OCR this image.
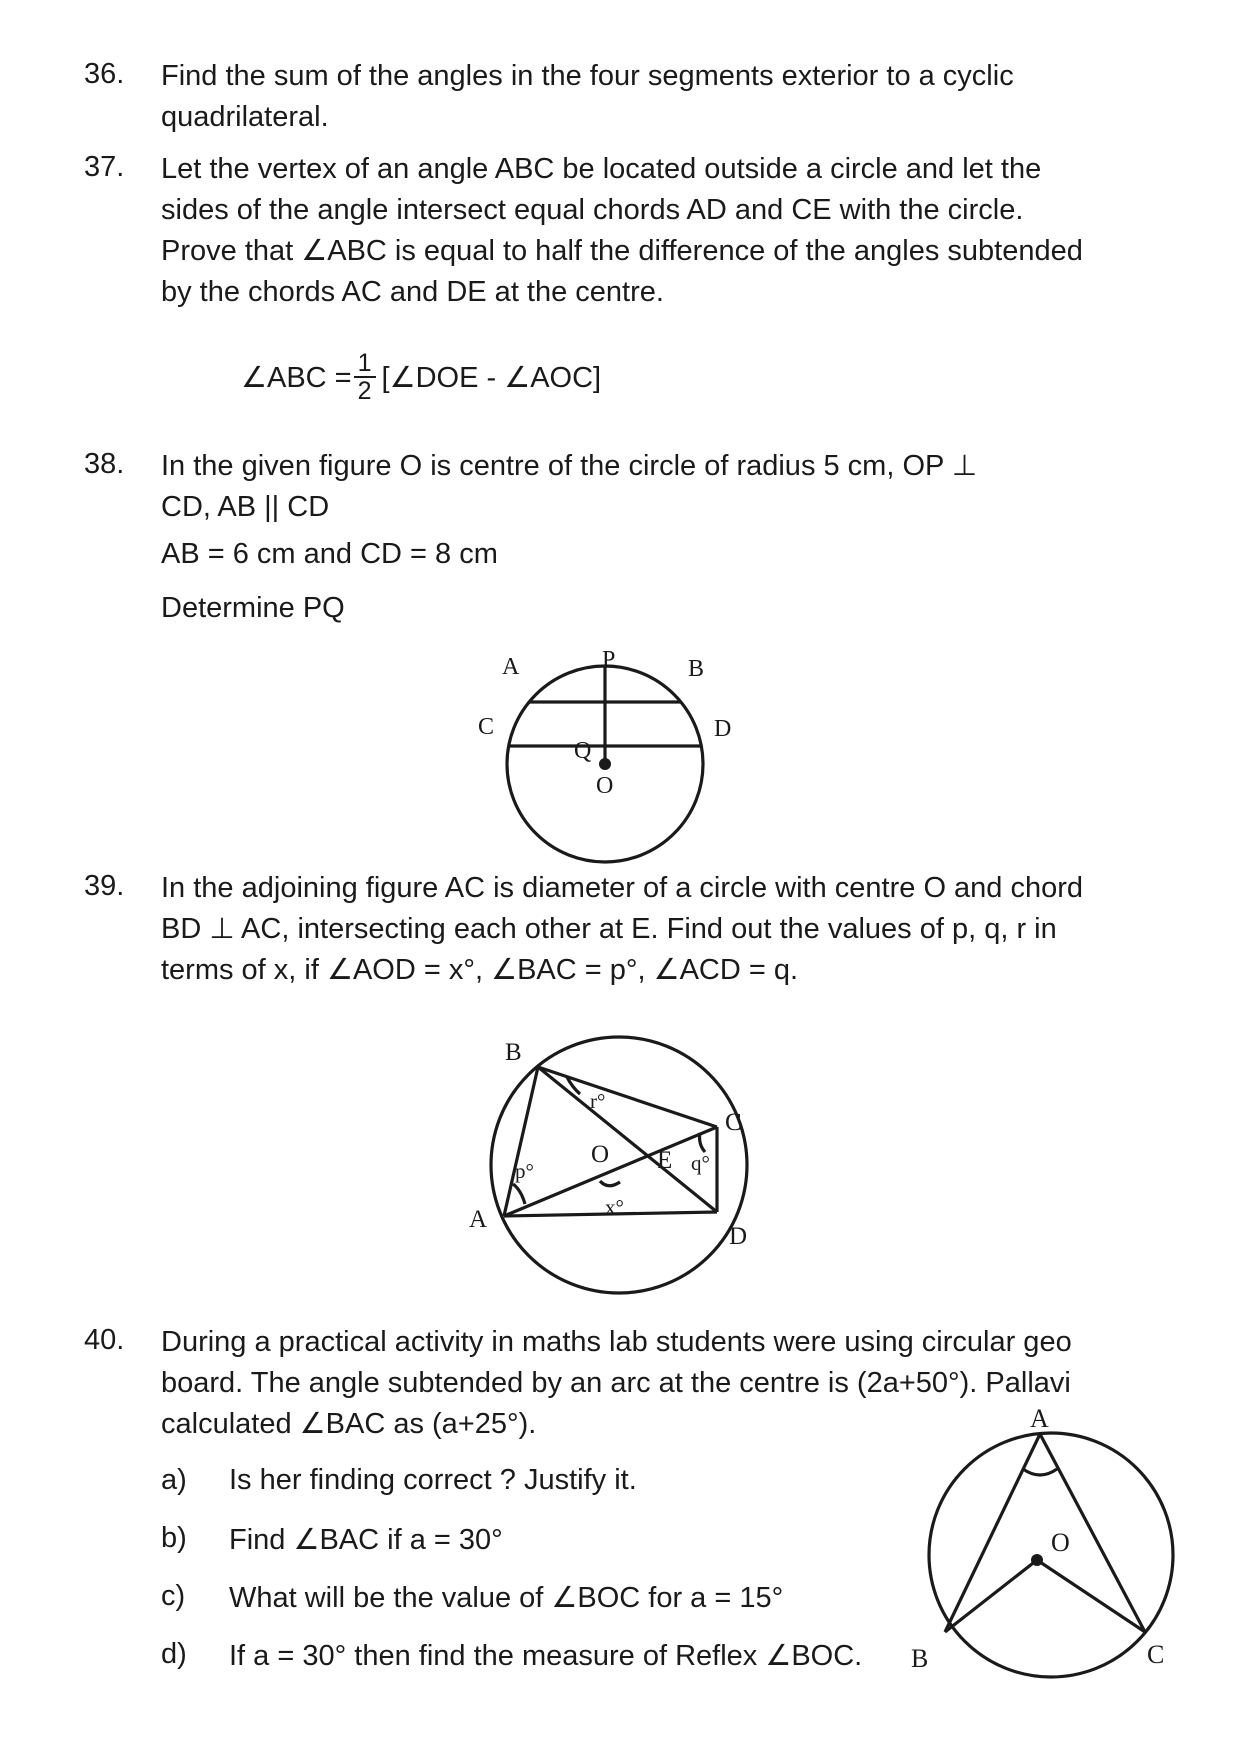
36. Find the sum of the angles in the four segments exterior to a cyclic
quadrilateral.
37. Let the vertex of an angle ABC be located outside a circle and let the
sides of the angle intersect equal chords AD and CE with the circle.
Prove that ∠ABC is equal to half the difference of the angles subtended
by the chords AC and DE at the centre.
∠ABC = $\frac{1}{2}$ [∠DOE - ∠AOC]
38. In the given figure O is centre of the circle of radius 5 cm, OP ⊥
CD, AB || CD
AB = 6 cm and CD = 8 cm
Determine PQ
A	P	B
C	D
Q
O
39. In the adjoining figure AC is diameter of a circle with centre O and chord
BD ⊥ AC, intersecting each other at E. Find out the values of p, q, r in
terms of x, if ∠AOD = x°, ∠BAC = p°, ∠ACD = q.
B
C
A
D
O E
p°	q°
r°
x°
40. During a practical activity in maths lab students were using circular geo
board. The angle subtended by an arc at the centre is (2a+50°). Pallavi
calculated ∠BAC as (a+25°).
a) Is her finding correct ? Justify it.
b) Find ∠BAC if a = 30°
c) What will be the value of ∠BOC for a = 15°
d) If a = 30° then find the measure of Reflex ∠BOC.
A
O
B	C
